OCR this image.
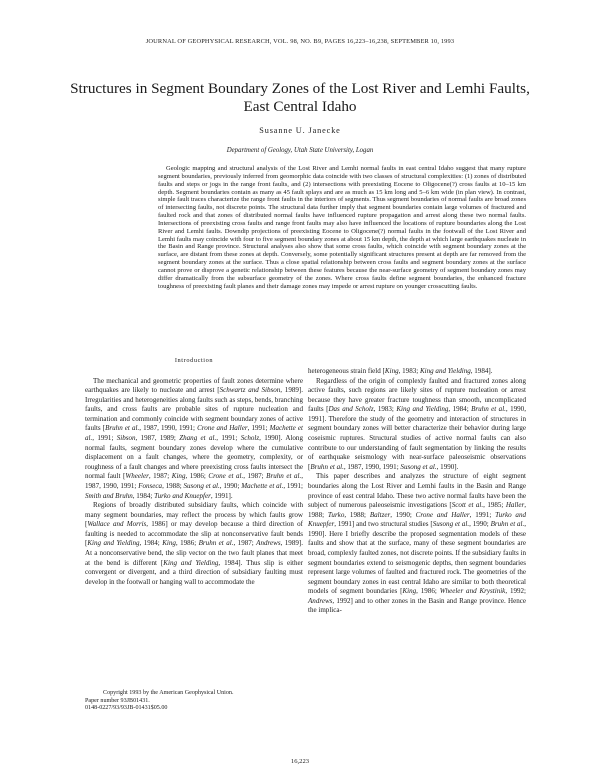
JOURNAL OF GEOPHYSICAL RESEARCH, VOL. 98, NO. B9, PAGES 16,223–16,238, SEPTEMBER 10, 1993
Structures in Segment Boundary Zones of the Lost River and Lemhi Faults, East Central Idaho
Susanne U. Janecke
Department of Geology, Utah State University, Logan

Geologic mapping and structural analysis of the Lost River and Lemhi normal faults in east central Idaho suggest that many rupture segment boundaries, previously inferred from geomorphic data coincide with two classes of structural complexities: (1) zones of distributed faults and steps or jogs in the range front faults, and (2) intersections with preexisting Eocene to Oligocene(?) cross faults at 10–15 km depth. Segment boundaries contain as many as 45 fault splays and are as much as 15 km long and 5–6 km wide (in plan view). In contrast, simple fault traces characterize the range front faults in the interiors of segments. Thus segment boundaries of normal faults are broad zones of intersecting faults, not discrete points. The structural data further imply that segment boundaries contain large volumes of fractured and faulted rock and that zones of distributed normal faults have influenced rupture propagation and arrest along these two normal faults. Intersections of preexisting cross faults and range front faults may also have influenced the locations of rupture boundaries along the Lost River and Lemhi faults. Downdip projections of preexisting Eocene to Oligocene(?) normal faults in the footwall of the Lost River and Lemhi faults may coincide with four to five segment boundary zones at about 15 km depth, the depth at which large earthquakes nucleate in the Basin and Range province. Structural analyses also show that some cross faults, which coincide with segment boundary zones at the surface, are distant from these zones at depth. Conversely, some potentially significant structures present at depth are far removed from the segment boundary zones at the surface. Thus a close spatial relationship between cross faults and segment boundary zones at the surface cannot prove or disprove a genetic relationship between these features because the near-surface geometry of segment boundary zones may differ dramatically from the subsurface geometry of the zones. Where cross faults define segment boundaries, the enhanced fracture toughness of preexisting fault planes and their damage zones may impede or arrest rupture on younger crosscutting faults.

Introduction

The mechanical and geometric properties of fault zones determine where earthquakes are likely to nucleate and arrest [Schwartz and Sibson, 1989]. Irregularities and heterogeneities along faults such as steps, bends, branching faults, and cross faults are probable sites of rupture nucleation and termination and commonly coincide with segment boundary zones of active faults [Bruhn et al., 1987, 1990, 1991; Crone and Haller, 1991; Machette et al., 1991; Sibson, 1987, 1989; Zhang et al., 1991; Scholz, 1990]. Along normal faults, segment boundary zones develop where the cumulative displacement on a fault changes, where the geometry, complexity, or roughness of a fault changes and where preexisting cross faults intersect the normal fault [Wheeler, 1987; King, 1986; Crone et al., 1987; Bruhn et al., 1987, 1990, 1991; Fonseca, 1988; Susong et al., 1990; Machette et al., 1991; Smith and Bruhn, 1984; Turko and Knuepfer, 1991].

Regions of broadly distributed subsidiary faults, which coincide with many segment boundaries, may reflect the process by which faults grow [Wallace and Morris, 1986] or may develop because a third direction of faulting is needed to accommodate the slip at nonconservative fault bends [King and Yielding, 1984; King, 1986; Bruhn et al., 1987; Andrews, 1989]. At a nonconservative bend, the slip vector on the two fault planes that meet at the bend is different [King and Yielding, 1984]. Thus slip is either convergent or divergent, and a third direction of subsidiary faulting must develop in the footwall or hanging wall to accommodate the

Copyright 1993 by the American Geophysical Union.
Paper number 93JB01431.
0148-0227/93/93JB-01431$05.00

heterogeneous strain field [King, 1983; King and Yielding, 1984].

Regardless of the origin of complexly faulted and fractured zones along active faults, such regions are likely sites of rupture nucleation or arrest because they have greater fracture toughness than smooth, uncomplicated faults [Das and Scholz, 1983; King and Yielding, 1984; Bruhn et al., 1990, 1991]. Therefore the study of the geometry and interaction of structures in segment boundary zones will better characterize their behavior during large coseismic ruptures. Structural studies of active normal faults can also contribute to our understanding of fault segmentation by linking the results of earthquake seismology with near-surface paleoseismic observations [Bruhn et al., 1987, 1990, 1991; Susong et al., 1990].

This paper describes and analyzes the structure of eight segment boundaries along the Lost River and Lemhi faults in the Basin and Range province of east central Idaho. These two active normal faults have been the subject of numerous paleoseismic investigations [Scott et al., 1985; Haller, 1988; Turko, 1988; Baltzer, 1990; Crone and Haller, 1991; Turko and Knuepfer, 1991] and two structural studies [Susong et al., 1990; Bruhn et al., 1990]. Here I briefly describe the proposed segmentation models of these faults and show that at the surface, many of these segment boundaries are broad, complexly faulted zones, not discrete points. If the subsidiary faults in segment boundaries extend to seismogenic depths, then segment boundaries represent large volumes of faulted and fractured rock. The geometries of the segment boundary zones in east central Idaho are similar to both theoretical models of segment boundaries [King, 1986; Wheeler and Krystinik, 1992; Andrews, 1992] and to other zones in the Basin and Range province. Hence the implica-

16,223
